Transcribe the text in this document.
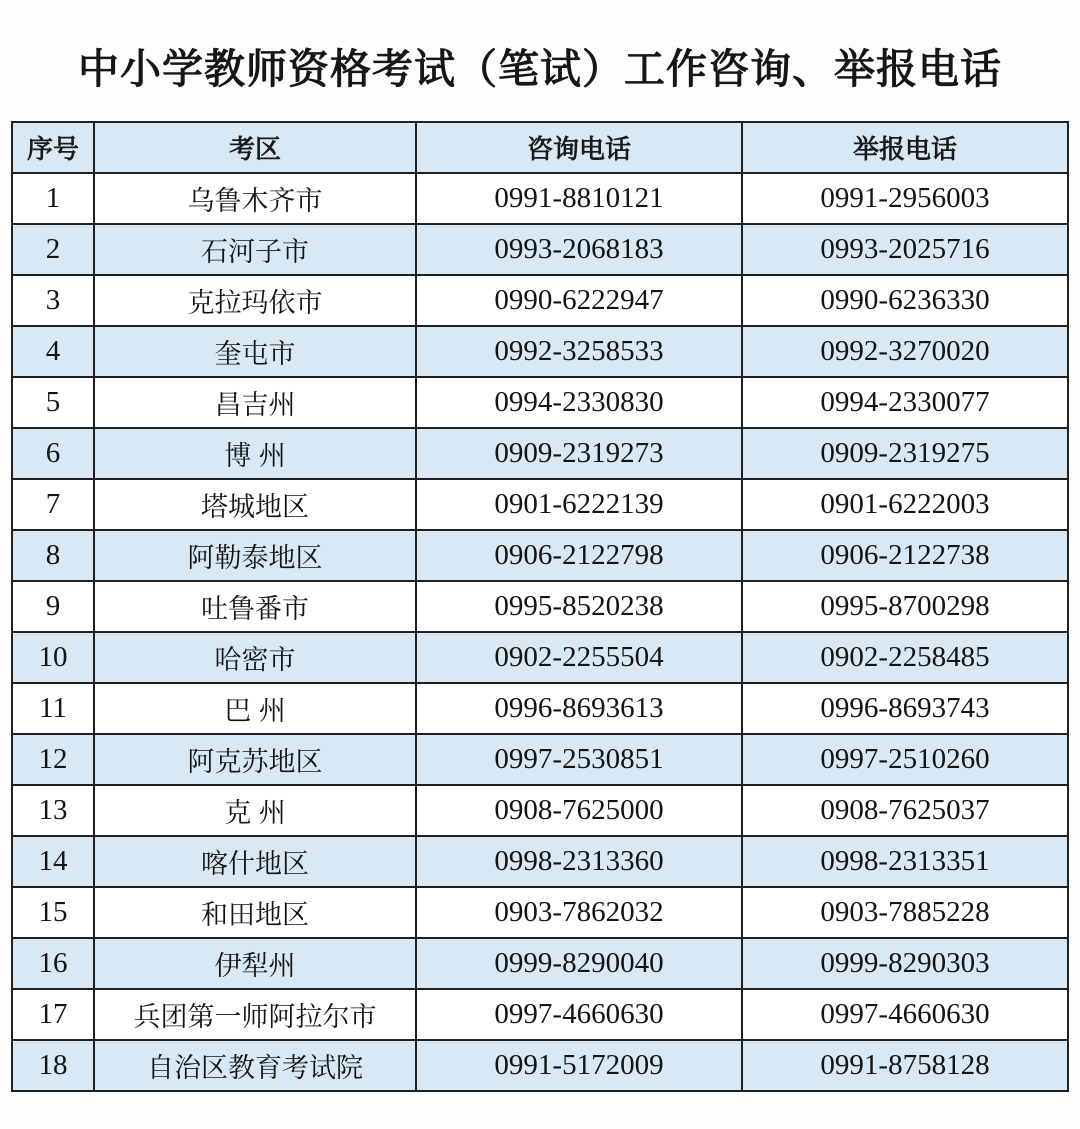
中小学教师资格考试（笔试）工作咨询、举报电话
序号	考区	咨询电话	举报电话
1	乌鲁木齐市	0991-8810121	0991-2956003
2	石河子市	0993-2068183	0993-2025716
3	克拉玛依市	0990-6222947	0990-6236330
4	奎屯市	0992-3258533	0992-3270020
5	昌吉州	0994-2330830	0994-2330077
6	博 州	0909-2319273	0909-2319275
7	塔城地区	0901-6222139	0901-6222003
8	阿勒泰地区	0906-2122798	0906-2122738
9	吐鲁番市	0995-8520238	0995-8700298
10	哈密市	0902-2255504	0902-2258485
11	巴 州	0996-8693613	0996-8693743
12	阿克苏地区	0997-2530851	0997-2510260
13	克 州	0908-7625000	0908-7625037
14	喀什地区	0998-2313360	0998-2313351
15	和田地区	0903-7862032	0903-7885228
16	伊犁州	0999-8290040	0999-8290303
17	兵团第一师阿拉尔市	0997-4660630	0997-4660630
18	自治区教育考试院	0991-5172009	0991-8758128
